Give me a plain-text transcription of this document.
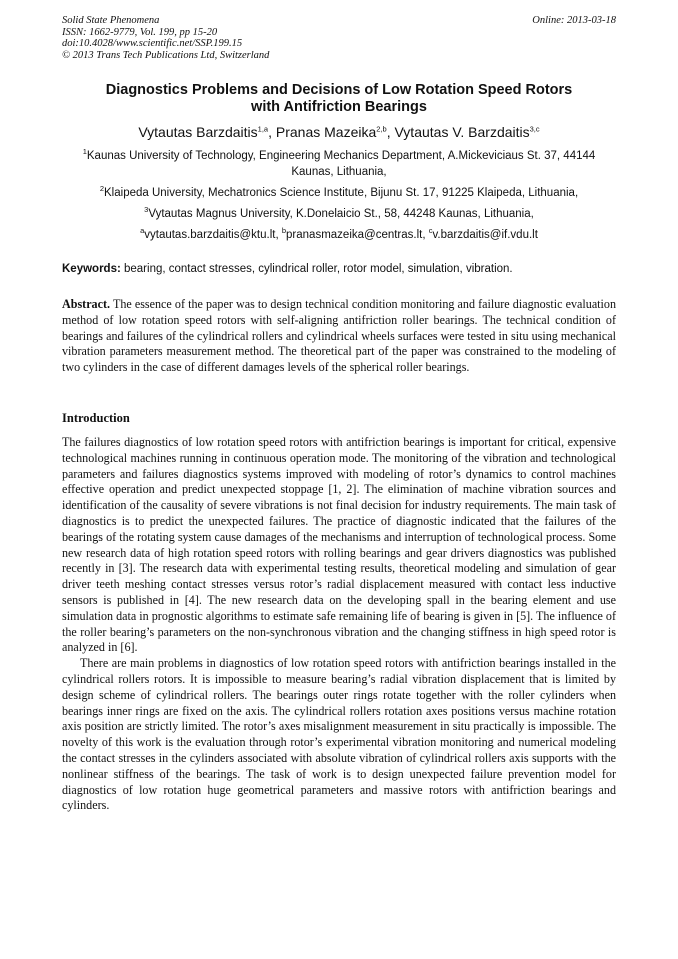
Solid State Phenomena
ISSN: 1662-9779, Vol. 199, pp 15-20
doi:10.4028/www.scientific.net/SSP.199.15
© 2013 Trans Tech Publications Ltd, Switzerland
Online: 2013-03-18
Diagnostics Problems and Decisions of Low Rotation Speed Rotors
with Antifriction Bearings
Vytautas Barzdaitis$^{1,a}$, Pranas Mazeika$^{2,b}$, Vytautas V. Barzdaitis$^{3,c}$
$^1$Kaunas University of Technology, Engineering Mechanics Department, A.Mickeviciaus St. 37, 44144 Kaunas, Lithuania,
$^2$Klaipeda University, Mechatronics Science Institute, Bijunu St. 17, 91225 Klaipeda, Lithuania,
$^3$Vytautas Magnus University, K.Donelaicio St., 58, 44248 Kaunas, Lithuania,
$^a$vytautas.barzdaitis@ktu.lt, $^b$pranasmazeika@centras.lt, $^c$v.barzdaitis@if.vdu.lt
Keywords: bearing, contact stresses, cylindrical roller, rotor model, simulation, vibration.
Abstract. The essence of the paper was to design technical condition monitoring and failure diagnostic evaluation method of low rotation speed rotors with self-aligning antifriction roller bearings. The technical condition of bearings and failures of the cylindrical rollers and cylindrical wheels surfaces were tested in situ using mechanical vibration parameters measurement method. The theoretical part of the paper was constrained to the modeling of two cylinders in the case of different damages levels of the spherical roller bearings.
Introduction
The failures diagnostics of low rotation speed rotors with antifriction bearings is important for critical, expensive technological machines running in continuous operation mode. The monitoring of the vibration and technological parameters and failures diagnostics systems improved with modeling of rotor’s dynamics to control machines effective operation and predict unexpected stoppage [1, 2]. The elimination of machine vibration sources and identification of the causality of severe vibrations is not final decision for industry requirements. The main task of diagnostics is to predict the unexpected failures. The practice of diagnostic indicated that the failures of the bearings of the rotating system cause damages of the mechanisms and interruption of technological process. Some new research data of high rotation speed rotors with rolling bearings and gear drivers diagnostics was published recently in [3]. The research data with experimental testing results, theoretical modeling and simulation of gear driver teeth meshing contact stresses versus rotor’s radial displacement measured with contact less inductive sensors is published in [4]. The new research data on the developing spall in the bearing element and use simulation data in prognostic algorithms to estimate safe remaining life of bearing is given in [5]. The influence of the roller bearing’s parameters on the non-synchronous vibration and the changing stiffness in high speed rotor is analyzed in [6].
There are main problems in diagnostics of low rotation speed rotors with antifriction bearings installed in the cylindrical rollers rotors. It is impossible to measure bearing’s radial vibration displacement that is limited by design scheme of cylindrical rollers. The bearings outer rings rotate together with the roller cylinders when bearings inner rings are fixed on the axis. The cylindrical rollers rotation axes positions versus machine rotation axis position are strictly limited. The rotor’s axes misalignment measurement in situ practically is impossible. The novelty of this work is the evaluation through rotor’s experimental vibration monitoring and numerical modeling the contact stresses in the cylinders associated with absolute vibration of cylindrical rollers axis supports with the nonlinear stiffness of the bearings. The task of work is to design unexpected failure prevention model for diagnostics of low rotation huge geometrical parameters and massive rotors with antifriction bearings and cylinders.
